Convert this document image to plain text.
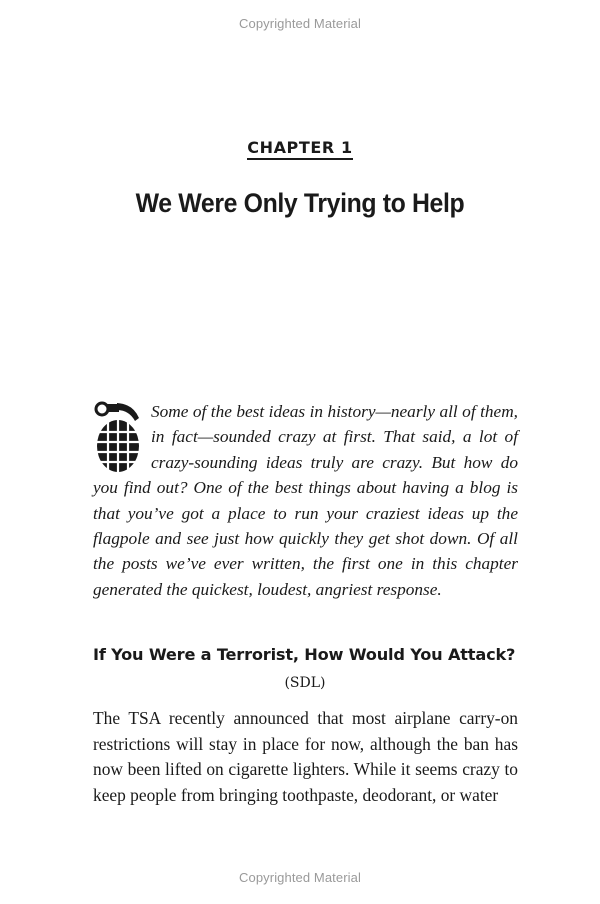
Copyrighted Material
CHAPTER 1
We Were Only Trying to Help
Some of the best ideas in history—nearly all of them, in fact—sounded crazy at first. That said, a lot of crazy-sounding ideas truly are crazy. But how do you find out? One of the best things about having a blog is that you’ve got a place to run your craziest ideas up the flagpole and see just how quickly they get shot down. Of all the posts we’ve ever written, the first one in this chapter generated the quickest, loudest, angriest response.
If You Were a Terrorist, How Would You Attack?
(SDL)
The TSA recently announced that most airplane carry-on restrictions will stay in place for now, although the ban has now been lifted on cigarette lighters. While it seems crazy to keep people from bringing toothpaste, deodorant, or water
Copyrighted Material
